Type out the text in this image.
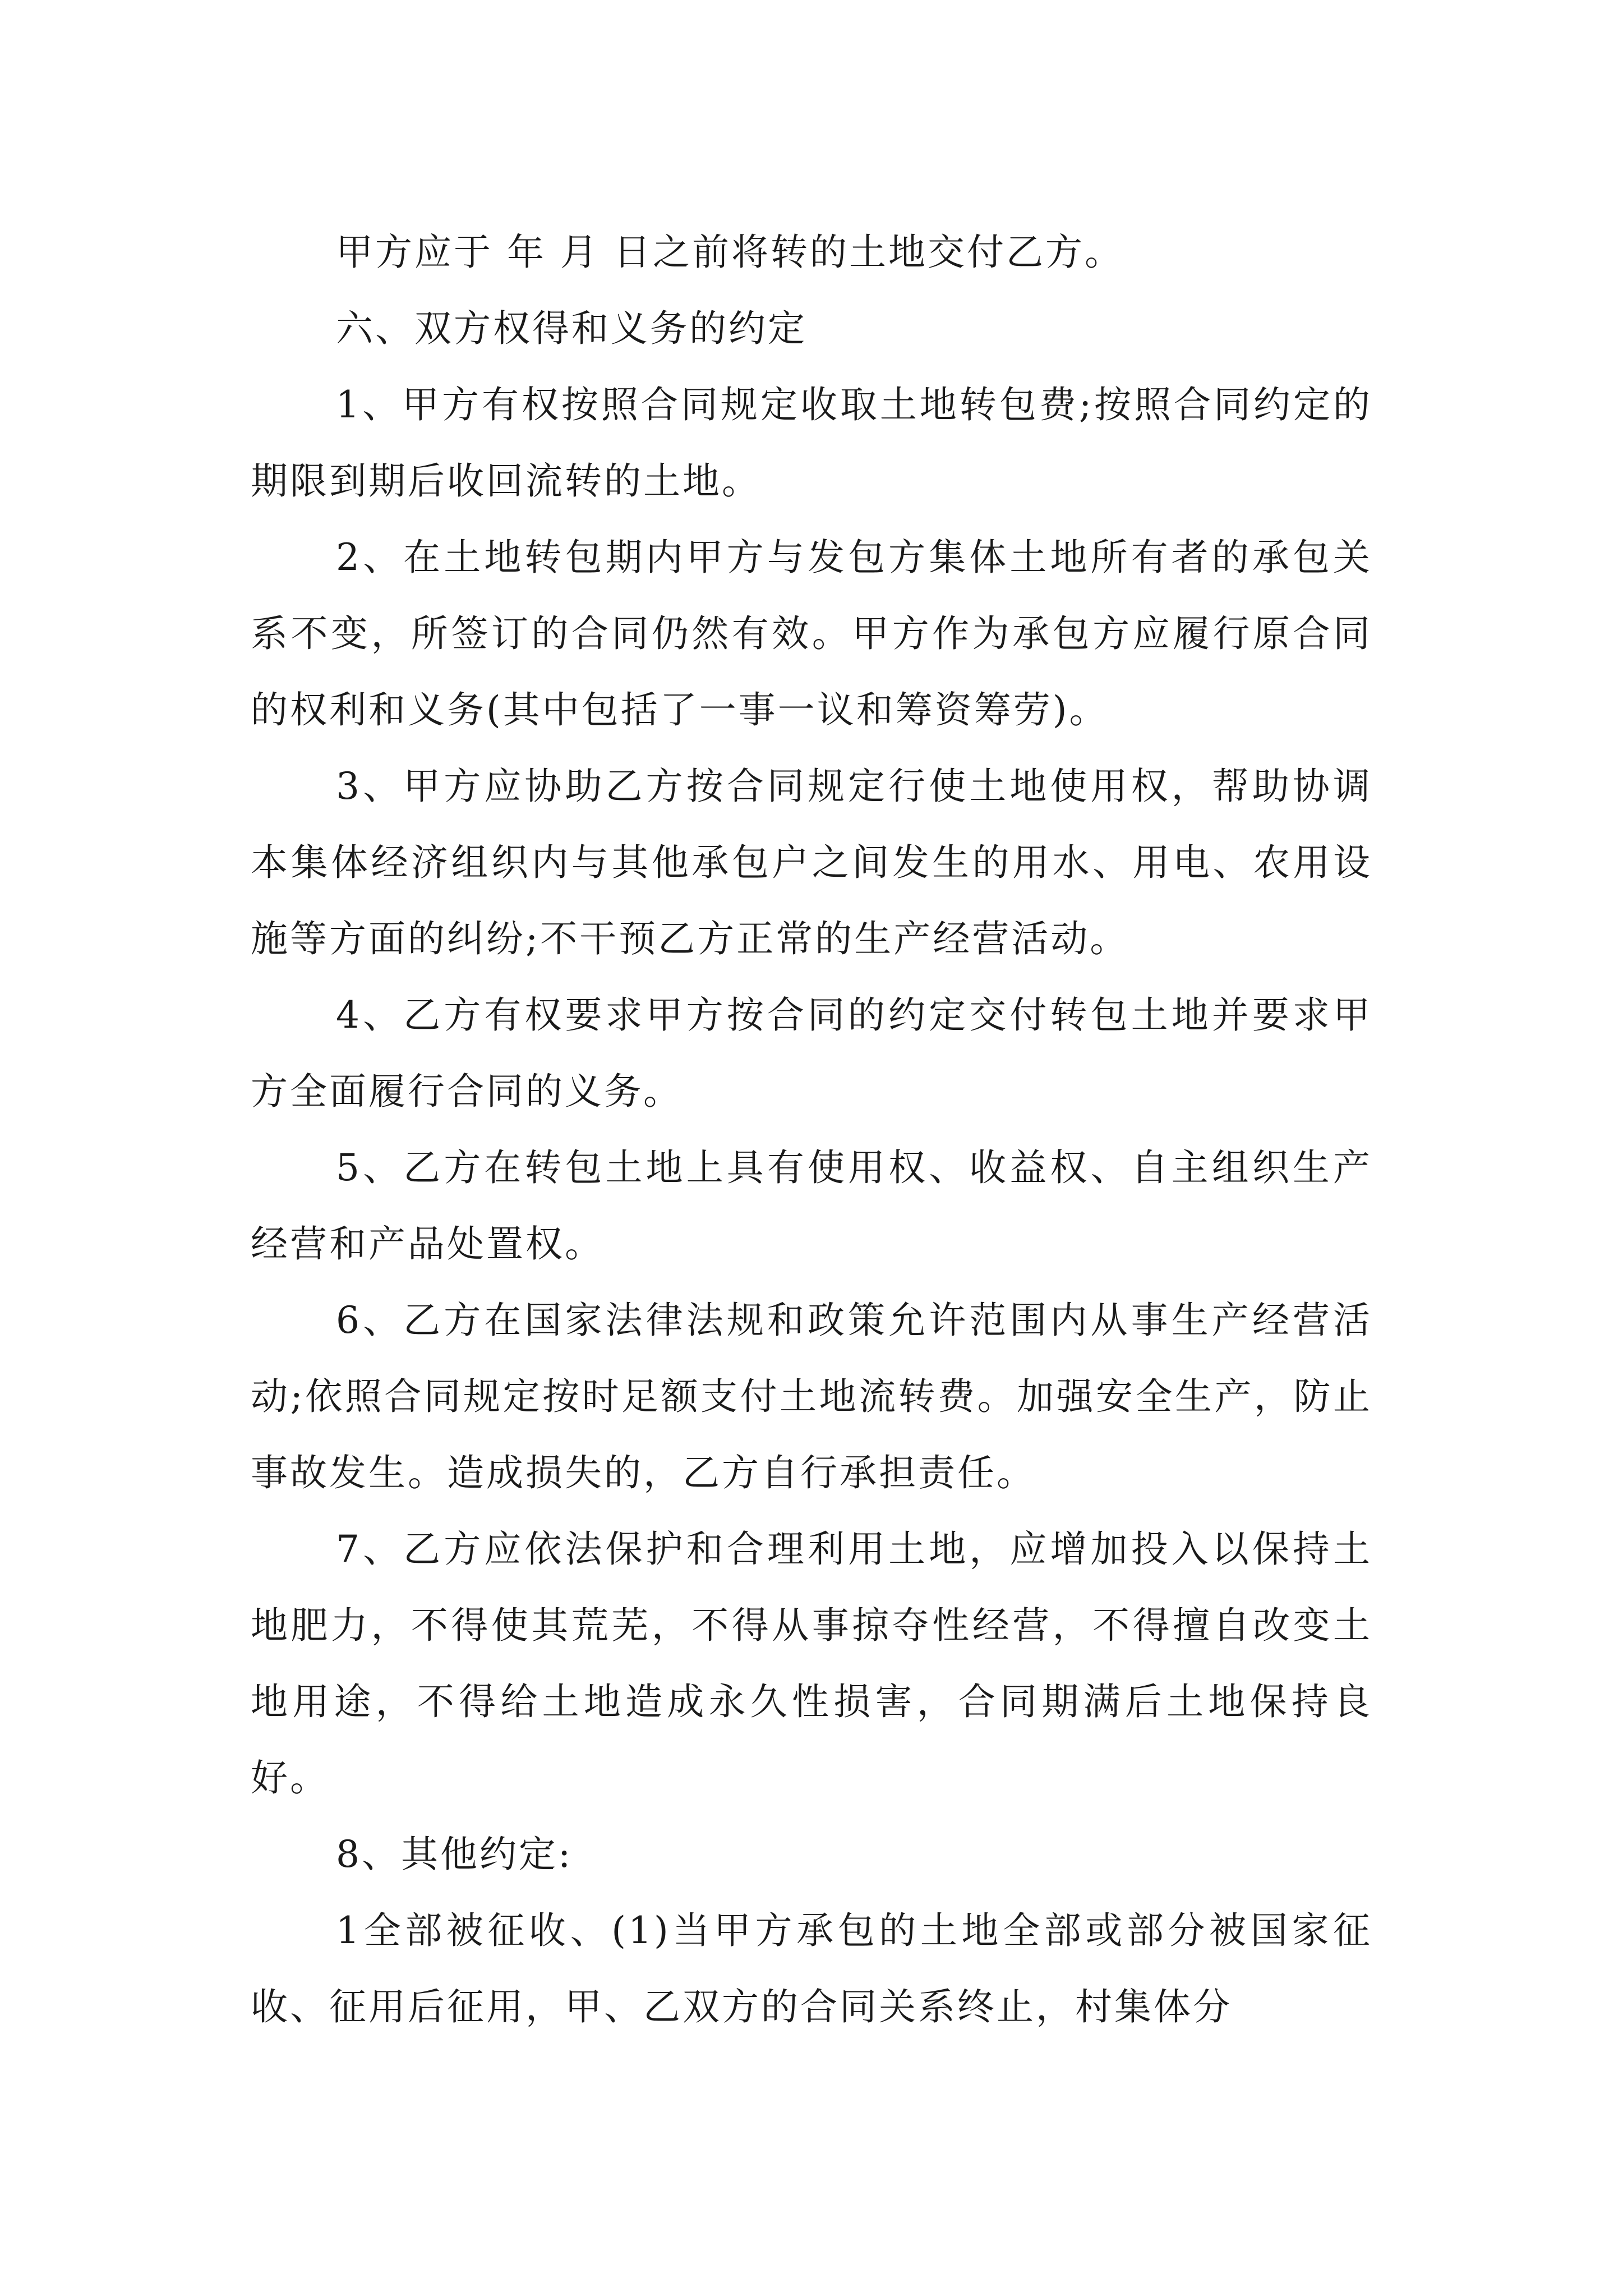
甲方应于 年 月 日之前将转的土地交付乙方。

六、双方权得和义务的约定

1、甲方有权按照合同规定收取土地转包费;按照合同约定的期限到期后收回流转的土地。

2、在土地转包期内甲方与发包方集体土地所有者的承包关系不变，所签订的合同仍然有效。甲方作为承包方应履行原合同的权利和义务(其中包括了一事一议和筹资筹劳)。

3、甲方应协助乙方按合同规定行使土地使用权，帮助协调本集体经济组织内与其他承包户之间发生的用水、用电、农用设施等方面的纠纷;不干预乙方正常的生产经营活动。

4、乙方有权要求甲方按合同的约定交付转包土地并要求甲方全面履行合同的义务。

5、乙方在转包土地上具有使用权、收益权、自主组织生产经营和产品处置权。

6、乙方在国家法律法规和政策允许范围内从事生产经营活动;依照合同规定按时足额支付土地流转费。加强安全生产，防止事故发生。造成损失的，乙方自行承担责任。

7、乙方应依法保护和合理利用土地，应增加投入以保持土地肥力，不得使其荒芜，不得从事掠夺性经营，不得擅自改变土地用途，不得给土地造成永久性损害，合同期满后土地保持良好。

8、其他约定:

1全部被征收、(1)当甲方承包的土地全部或部分被国家征收、征用后征用，甲、乙双方的合同关系终止，村集体分
